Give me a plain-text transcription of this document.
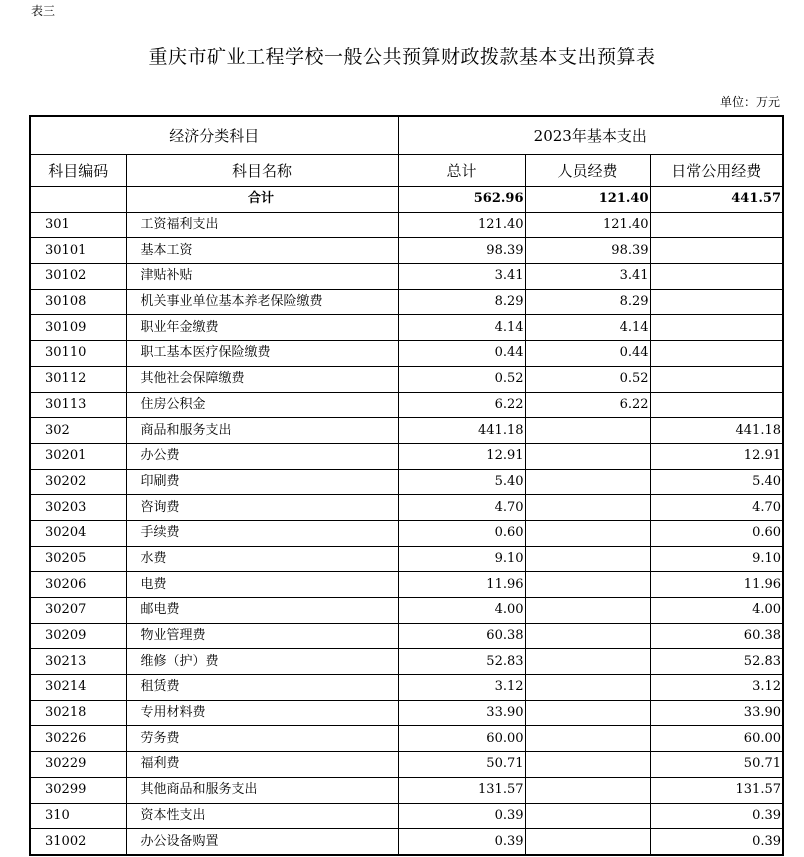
表三
重庆市矿业工程学校一般公共预算财政拨款基本支出预算表
单位：万元
经济分类科目		2023年基本支出		
科目编码	科目名称	总计	人员经费	日常公用经费
	合计	562.96	121.40	441.57
301	工资福利支出	121.40	121.40	
30101	基本工资	98.39	98.39	
30102	津贴补贴	3.41	3.41	
30108	机关事业单位基本养老保险缴费	8.29	8.29	
30109	职业年金缴费	4.14	4.14	
30110	职工基本医疗保险缴费	0.44	0.44	
30112	其他社会保障缴费	0.52	0.52	
30113	住房公积金	6.22	6.22	
302	商品和服务支出	441.18		441.18
30201	办公费	12.91		12.91
30202	印刷费	5.40		5.40
30203	咨询费	4.70		4.70
30204	手续费	0.60		0.60
30205	水费	9.10		9.10
30206	电费	11.96		11.96
30207	邮电费	4.00		4.00
30209	物业管理费	60.38		60.38
30213	维修（护）费	52.83		52.83
30214	租赁费	3.12		3.12
30218	专用材料费	33.90		33.90
30226	劳务费	60.00		60.00
30229	福利费	50.71		50.71
30299	其他商品和服务支出	131.57		131.57
310	资本性支出	0.39		0.39
31002	办公设备购置	0.39		0.39
